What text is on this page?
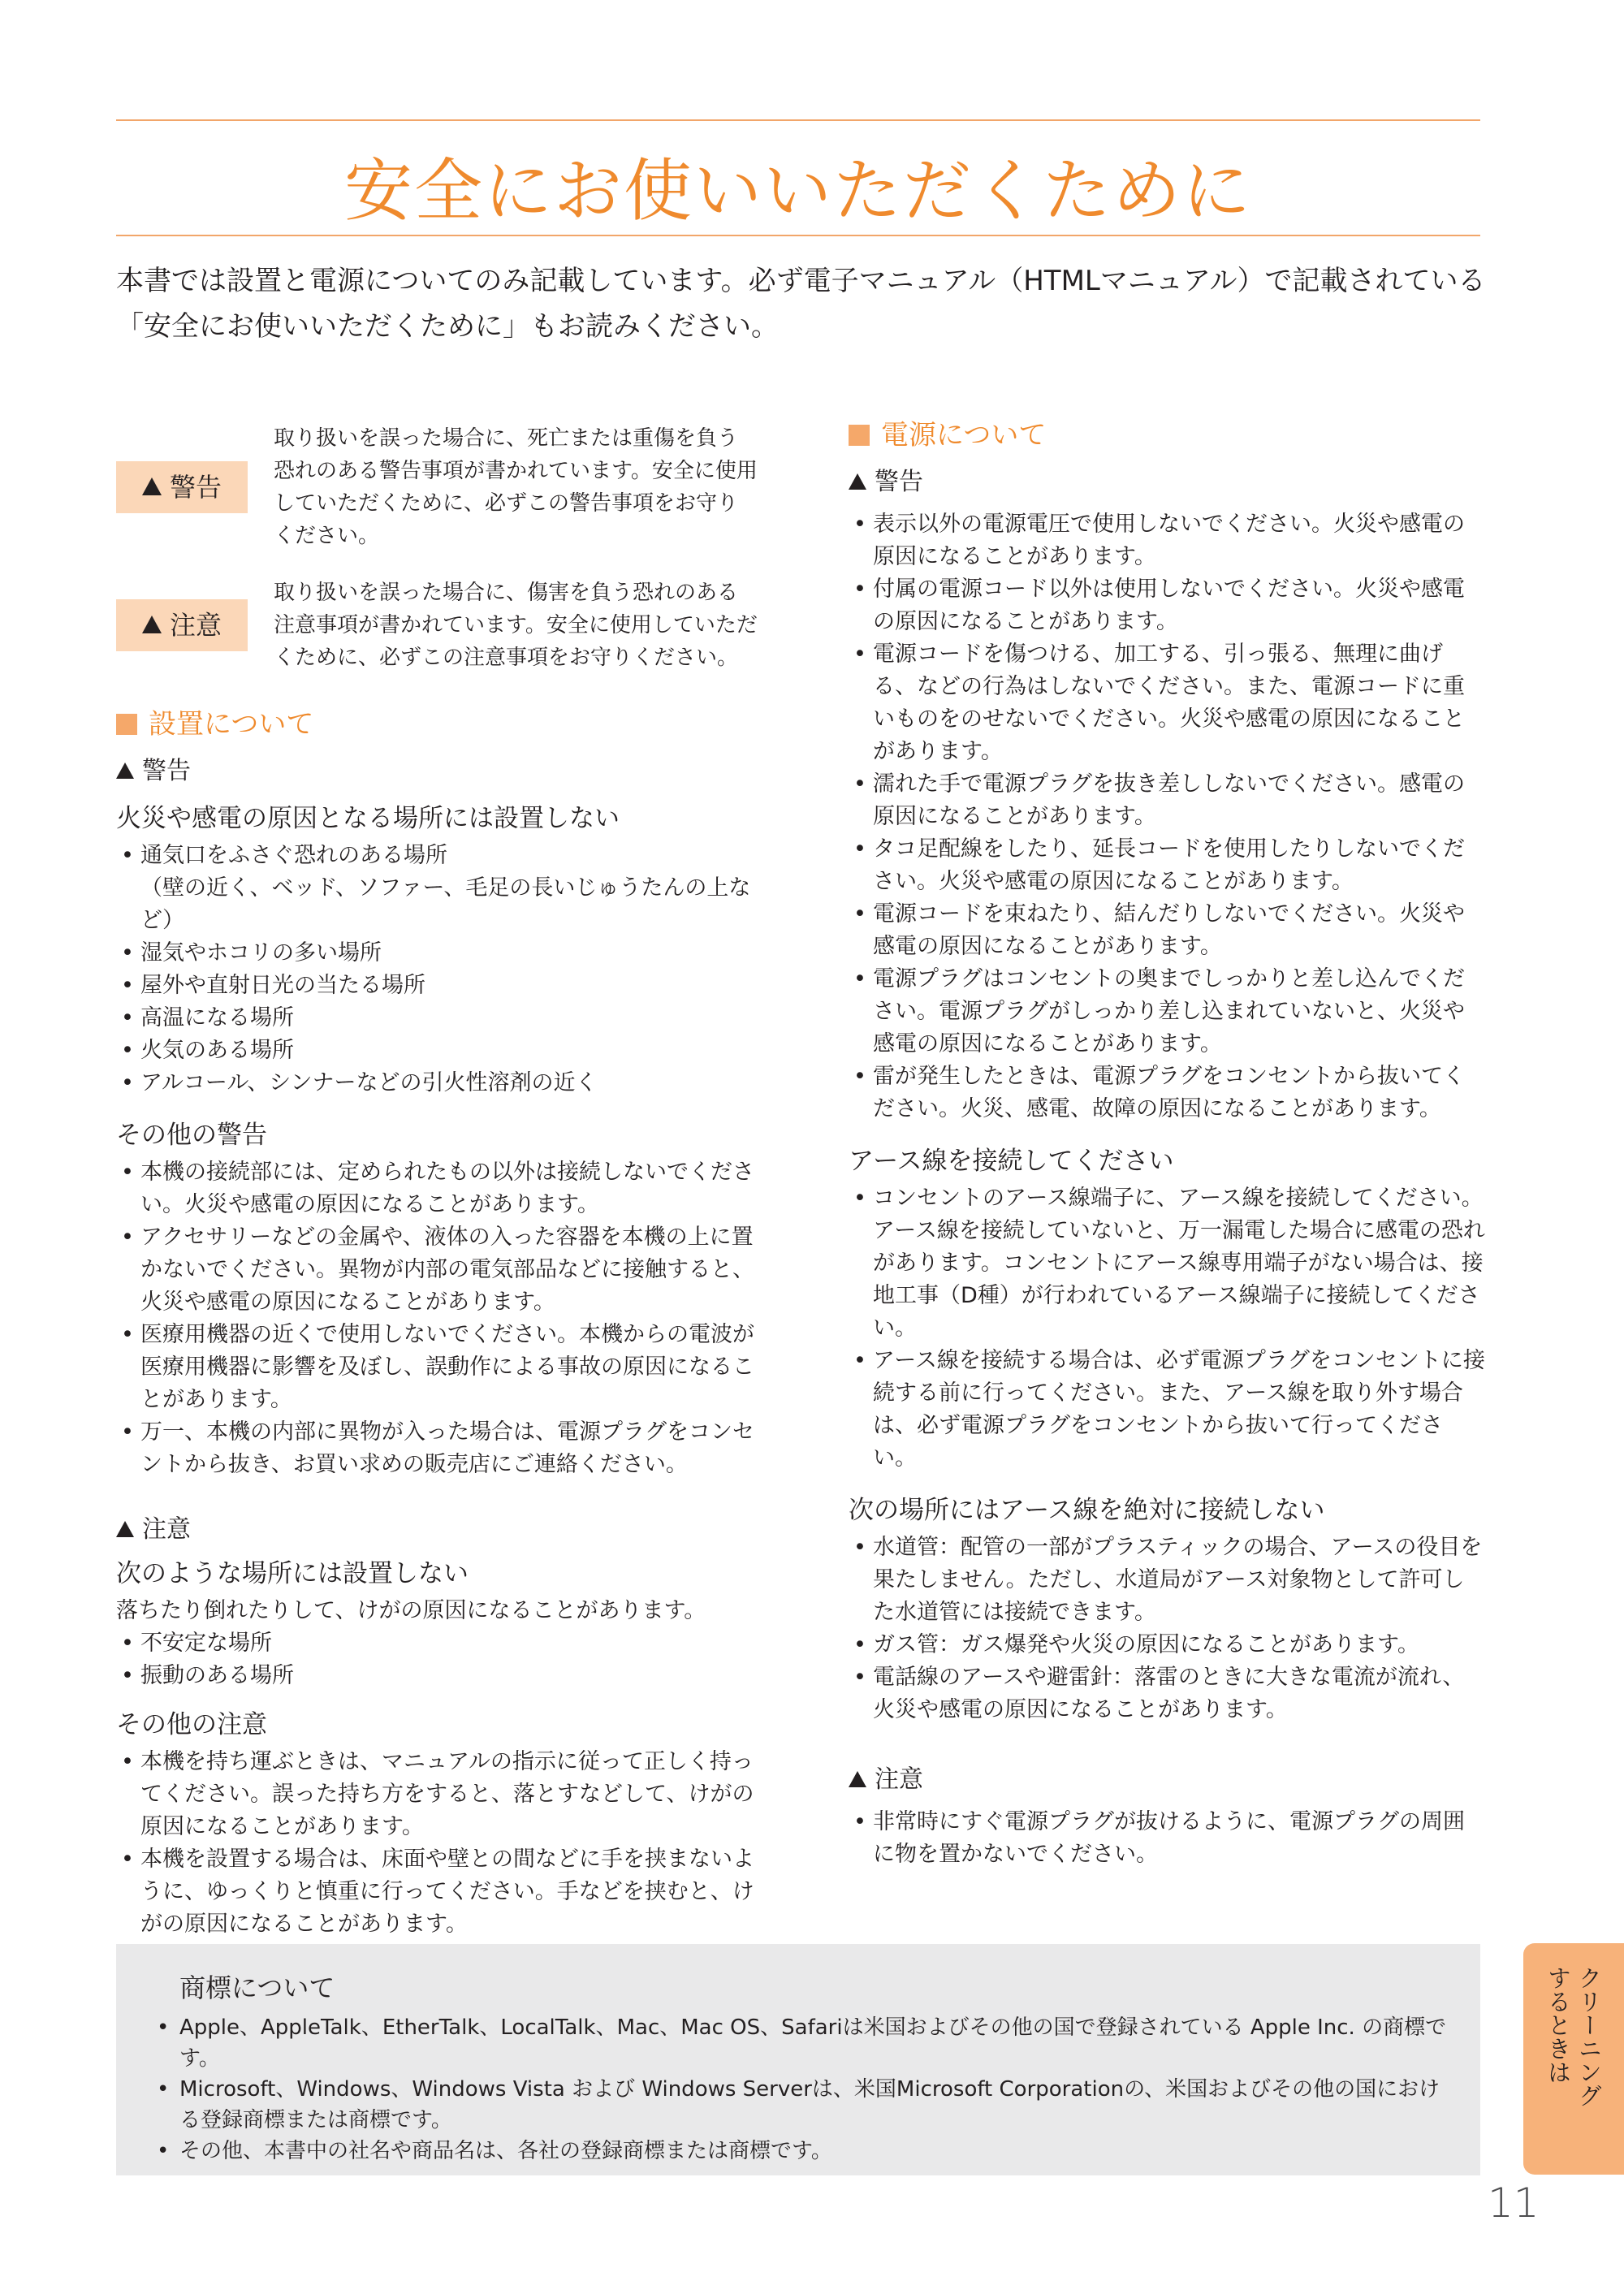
安全にお使いいただくために
本書では設置と電源についてのみ記載しています。必ず電子マニュアル（HTMLマニュアル）で記載されている「安全にお使いいただくために」もお読みください。
警告
取り扱いを誤った場合に、死亡または重傷を負う恐れのある警告事項が書かれています。安全に使用していただくために、必ずこの警告事項をお守りください。
注意
取り扱いを誤った場合に、傷害を負う恐れのある注意事項が書かれています。安全に使用していただくために、必ずこの注意事項をお守りください。
設置について
警告
火災や感電の原因となる場所には設置しない
• 通気口をふさぐ恐れのある場所
（壁の近く、ベッド、ソファー、毛足の長いじゅうたんの上など）
• 湿気やホコリの多い場所
• 屋外や直射日光の当たる場所
• 高温になる場所
• 火気のある場所
• アルコール、シンナーなどの引火性溶剤の近く
その他の警告
• 本機の接続部には、定められたもの以外は接続しないでください。火災や感電の原因になることがあります。
• アクセサリーなどの金属や、液体の入った容器を本機の上に置かないでください。異物が内部の電気部品などに接触すると、火災や感電の原因になることがあります。
• 医療用機器の近くで使用しないでください。本機からの電波が医療用機器に影響を及ぼし、誤動作による事故の原因になることがあります。
• 万一、本機の内部に異物が入った場合は、電源プラグをコンセントから抜き、お買い求めの販売店にご連絡ください。
注意
次のような場所には設置しない

落ちたり倒れたりして、けがの原因になることがあります。

• 不安定な場所
• 振動のある場所
その他の注意
• 本機を持ち運ぶときは、マニュアルの指示に従って正しく持ってください。誤った持ち方をすると、落とすなどして、けがの原因になることがあります。
• 本機を設置する場合は、床面や壁との間などに手を挟まないように、ゆっくりと慎重に行ってください。手などを挟むと、けがの原因になることがあります。
電源について
警告
• 表示以外の電源電圧で使用しないでください。火災や感電の原因になることがあります。
• 付属の電源コード以外は使用しないでください。火災や感電の原因になることがあります。
• 電源コードを傷つける、加工する、引っ張る、無理に曲げる、などの行為はしないでください。また、電源コードに重いものをのせないでください。火災や感電の原因になることがあります。
• 濡れた手で電源プラグを抜き差ししないでください。感電の原因になることがあります。
• タコ足配線をしたり、延長コードを使用したりしないでください。火災や感電の原因になることがあります。
• 電源コードを束ねたり、結んだりしないでください。火災や感電の原因になることがあります。
• 電源プラグはコンセントの奥までしっかりと差し込んでください。電源プラグがしっかり差し込まれていないと、火災や感電の原因になることがあります。
• 雷が発生したときは、電源プラグをコンセントから抜いてください。火災、感電、故障の原因になることがあります。
アース線を接続してください
• コンセントのアース線端子に、アース線を接続してください。アース線を接続していないと、万一漏電した場合に感電の恐れがあります。コンセントにアース線専用端子がない場合は、接地工事（D種）が行われているアース線端子に接続してください。
• アース線を接続する場合は、必ず電源プラグをコンセントに接続する前に行ってください。また、アース線を取り外す場合は、必ず電源プラグをコンセントから抜いて行ってください。
次の場所にはアース線を絶対に接続しない
• 水道管：配管の一部がプラスティックの場合、アースの役目を果たしません。ただし、水道局がアース対象物として許可した水道管には接続できます。
• ガス管：ガス爆発や火災の原因になることがあります。
• 電話線のアースや避雷針：落雷のときに大きな電流が流れ、火災や感電の原因になることがあります。
注意
• 非常時にすぐ電源プラグが抜けるように、電源プラグの周囲に物を置かないでください。
商標について
• Apple、AppleTalk、EtherTalk、LocalTalk、Mac、Mac OS、Safariは米国およびその他の国で登録されている Apple Inc. の商標です。
• Microsoft、Windows、Windows Vista および Windows Serverは、米国Microsoft Corporationの、米国およびその他の国における登録商標または商標です。
• その他、本書中の社名や商品名は、各社の登録商標または商標です。
クリーニング
するときは
11
